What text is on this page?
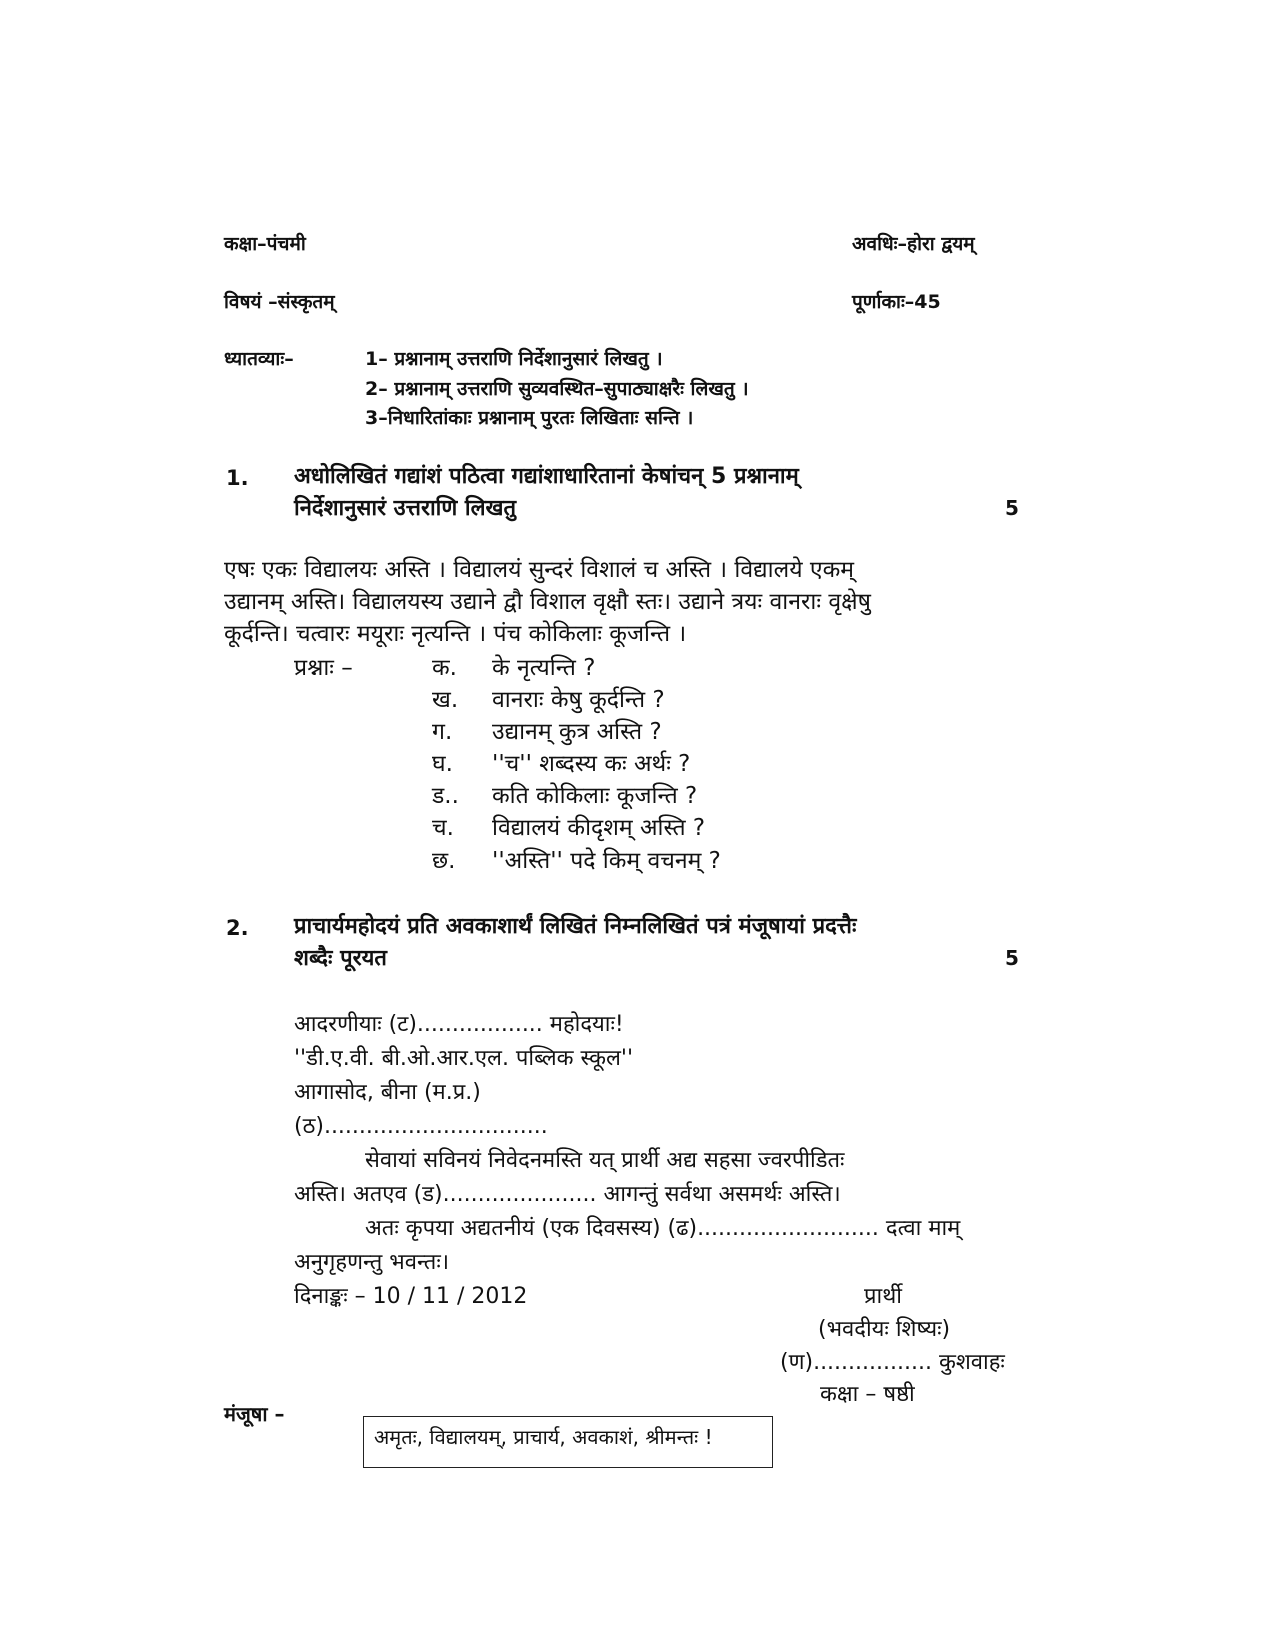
कक्षा–पंचमी	अवधिः–होरा द्वयम्
विषयं –संस्कृतम्	पूर्णाकाः–45
ध्यातव्याः–	1– प्रश्नानाम् उत्तराणि निर्देशानुसारं लिखतु ।
2– प्रश्नानाम् उत्तराणि सुव्यवस्थित–सुपाठ्याक्षरैः लिखतु ।
3–निधारितांकाः प्रश्नानाम् पुरतः लिखिताः सन्ति ।
1. अधोलिखितं गद्यांशं पठित्वा गद्यांशाधारितानां केषांचन् 5 प्रश्नानाम्
निर्देशानुसारं उत्तराणि लिखतु	5
एषः एकः विद्यालयः अस्ति । विद्यालयं सुन्दरं विशालं च अस्ति । विद्यालये एकम्
उद्यानम् अस्ति। विद्यालयस्य उद्याने द्वौ विशाल वृक्षौ स्तः। उद्याने त्रयः वानराः वृक्षेषु
कूर्दन्ति। चत्वारः मयूराः नृत्यन्ति । पंच कोकिलाः कूजन्ति ।
प्रश्नाः –	क. के नृत्यन्ति ?
ख. वानराः केषु कूर्दन्ति ?
ग. उद्यानम् कुत्र अस्ति ?
घ. ''च'' शब्दस्य कः अर्थः ?
ड.. कति कोकिलाः कूजन्ति ?
च. विद्यालयं कीदृशम् अस्ति ?
छ. ''अस्ति'' पदे किम् वचनम् ?
2. प्राचार्यमहोदयं प्रति अवकाशार्थं लिखितं निम्नलिखितं पत्रं मंजूषायां प्रदत्तैः
शब्दैः पूरयत	5
आदरणीयाः (ट).................. महोदयाः!
''डी.ए.वी. बी.ओ.आर.एल. पब्लिक स्कूल''
आगासोद, बीना (म.प्र.)
(ठ)................................
सेवायां सविनयं निवेदनमस्ति यत् प्रार्थी अद्य सहसा ज्वरपीडितः
अस्ति। अतएव (ड)...................... आगन्तुं सर्वथा असमर्थः अस्ति।
अतः कृपया अद्यतनीयं (एक दिवसस्य) (ढ).......................... दत्वा माम्
अनुगृहणन्तु भवन्तः।
दिनाङ्कः – 10 / 11 / 2012	प्रार्थी
(भवदीयः शिष्यः)
(ण)................. कुशवाहः
कक्षा – षष्ठी
मंजूषा –
अमृतः, विद्यालयम्, प्राचार्य, अवकाशं, श्रीमन्तः !
